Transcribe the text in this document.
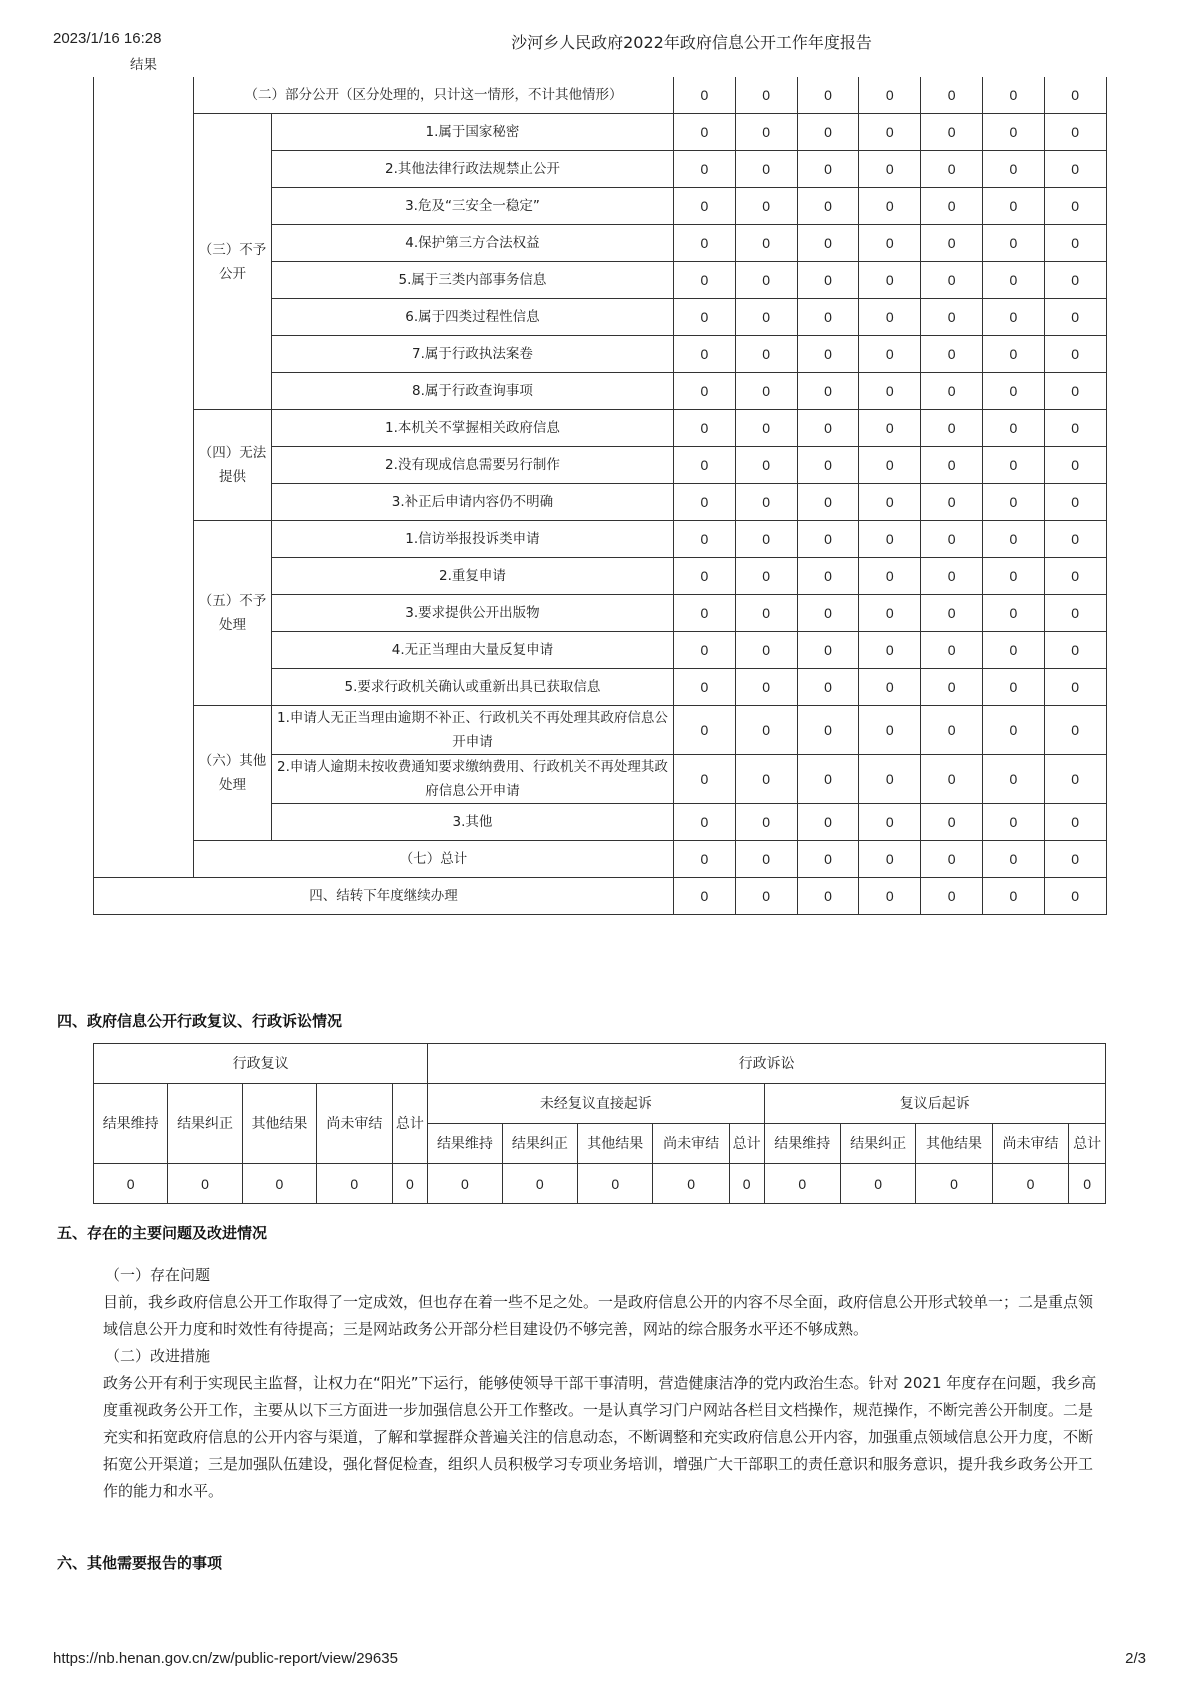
2023/1/16 16:28	沙河乡人民政府2022年政府信息公开工作年度报告
结果	（二）部分公开（区分处理的，只计这一情形，不计其他情形）		0	0	0	0	0	0	0

	（三）不予
公开	1.属于国家秘密	0	0	0	0	0	0	0
		2.其他法律行政法规禁止公开	0	0	0	0	0	0	0
		3.危及“三安全一稳定”	0	0	0	0	0	0	0
		4.保护第三方合法权益	0	0	0	0	0	0	0
		5.属于三类内部事务信息	0	0	0	0	0	0	0
		6.属于四类过程性信息	0	0	0	0	0	0	0
		7.属于行政执法案卷	0	0	0	0	0	0	0
		8.属于行政查询事项	0	0	0	0	0	0	0

	（四）无法
提供	1.本机关不掌握相关政府信息	0	0	0	0	0	0	0
		2.没有现成信息需要另行制作	0	0	0	0	0	0	0
		3.补正后申请内容仍不明确	0	0	0	0	0	0	0

	（五）不予
处理	1.信访举报投诉类申请	0	0	0	0	0	0	0
		2.重复申请	0	0	0	0	0	0	0
		3.要求提供公开出版物	0	0	0	0	0	0	0
		4.无正当理由大量反复申请	0	0	0	0	0	0	0
		5.要求行政机关确认或重新出具已获取信息	0	0	0	0	0	0	0

	（六）其他
处理	1.申请人无正当理由逾期不补正、行政机关不再处理其政府信息公开申请	0	0	0	0	0	0	0
		2.申请人逾期未按收费通知要求缴纳费用、行政机关不再处理其政府信息公开申请	0	0	0	0	0	0	0
		3.其他	0	0	0	0	0	0	0
	（七）总计		0	0	0	0	0	0	0
四、结转下年度继续办理			0	0	0	0	0	0	0
四、政府信息公开行政复议、行政诉讼情况
行政复议					行政诉讼									
结果维持	结果纠正	其他结果	尚未审结	总计	未经复议直接起诉					复议后起诉				
					结果维持	结果纠正	其他结果	尚未审结	总计	结果维持	结果纠正	其他结果	尚未审结	总计
0	0	0	0	0	0	0	0	0	0	0	0	0	0	0
五、存在的主要问题及改进情况

（一）存在问题

目前，我乡政府信息公开工作取得了一定成效，但也存在着一些不足之处。一是政府信息公开的内容不尽全面，政府信息公开形式较单一；二是重点领域信息公开力度和时效性有待提高；三是网站政务公开部分栏目建设仍不够完善，网站的综合服务水平还不够成熟。

（二）改进措施

政务公开有利于实现民主监督，让权力在“阳光”下运行，能够使领导干部干事清明，营造健康洁净的党内政治生态。针对 2021 年度存在问题，我乡高度重视政务公开工作，主要从以下三方面进一步加强信息公开工作整改。一是认真学习门户网站各栏目文档操作，规范操作，不断完善公开制度。二是充实和拓宽政府信息的公开内容与渠道，了解和掌握群众普遍关注的信息动态，不断调整和充实政府信息公开内容，加强重点领域信息公开力度，不断拓宽公开渠道；三是加强队伍建设，强化督促检查，组织人员积极学习专项业务培训，增强广大干部职工的责任意识和服务意识，提升我乡政务公开工作的能力和水平。

六、其他需要报告的事项
https://nb.henan.gov.cn/zw/public-report/view/29635	2/3
